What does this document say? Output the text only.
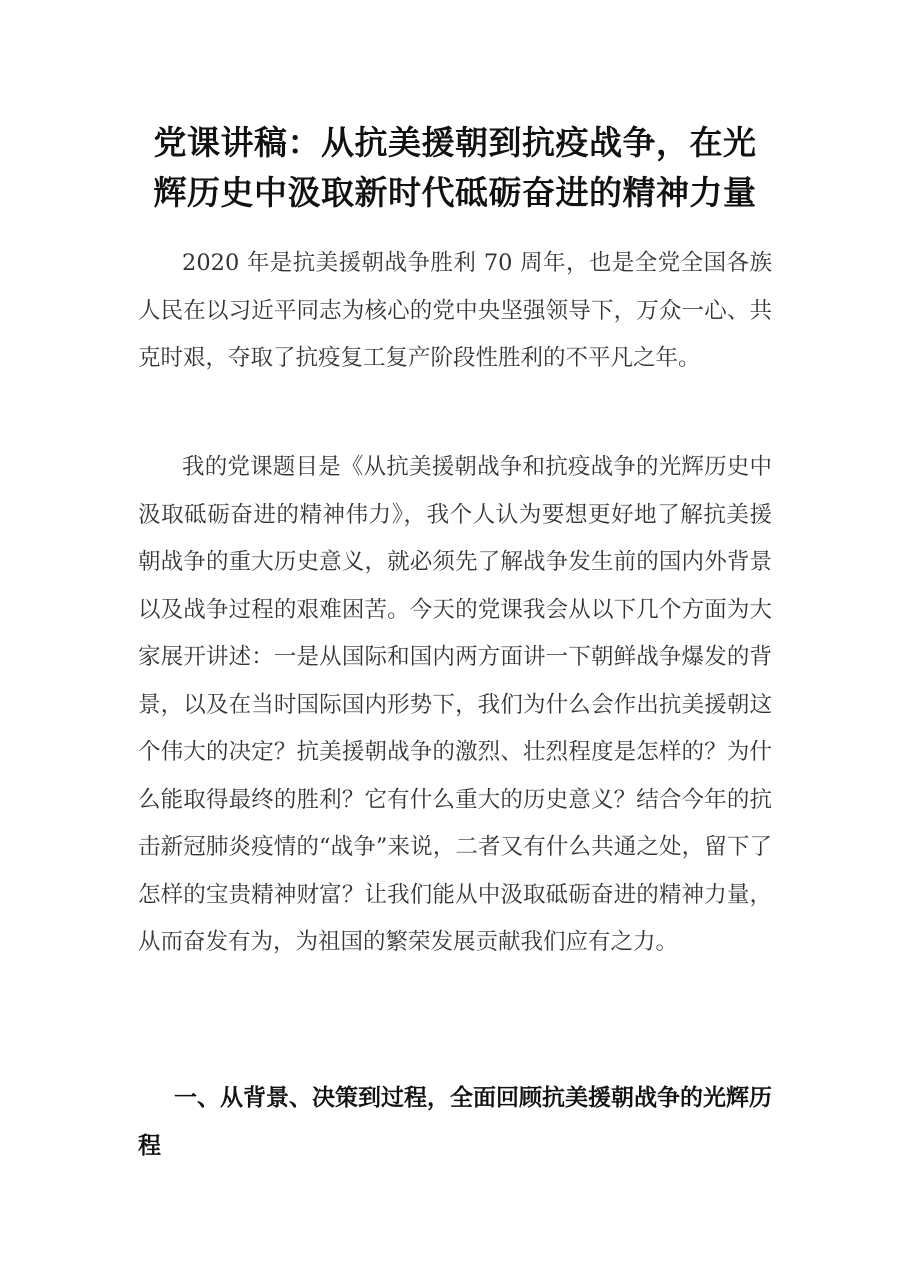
党课讲稿：从抗美援朝到抗疫战争，在光辉历史中汲取新时代砥砺奋进的精神力量

2020 年是抗美援朝战争胜利 70 周年，也是全党全国各族人民在以习近平同志为核心的党中央坚强领导下，万众一心、共克时艰，夺取了抗疫复工复产阶段性胜利的不平凡之年。

我的党课题目是《从抗美援朝战争和抗疫战争的光辉历史中汲取砥砺奋进的精神伟力》，我个人认为要想更好地了解抗美援朝战争的重大历史意义，就必须先了解战争发生前的国内外背景以及战争过程的艰难困苦。今天的党课我会从以下几个方面为大家展开讲述：一是从国际和国内两方面讲一下朝鲜战争爆发的背景，以及在当时国际国内形势下，我们为什么会作出抗美援朝这个伟大的决定？抗美援朝战争的激烈、壮烈程度是怎样的？为什么能取得最终的胜利？它有什么重大的历史意义？结合今年的抗击新冠肺炎疫情的“战争”来说，二者又有什么共通之处，留下了怎样的宝贵精神财富？让我们能从中汲取砥砺奋进的精神力量，从而奋发有为，为祖国的繁荣发展贡献我们应有之力。

一、从背景、决策到过程，全面回顾抗美援朝战争的光辉历程
